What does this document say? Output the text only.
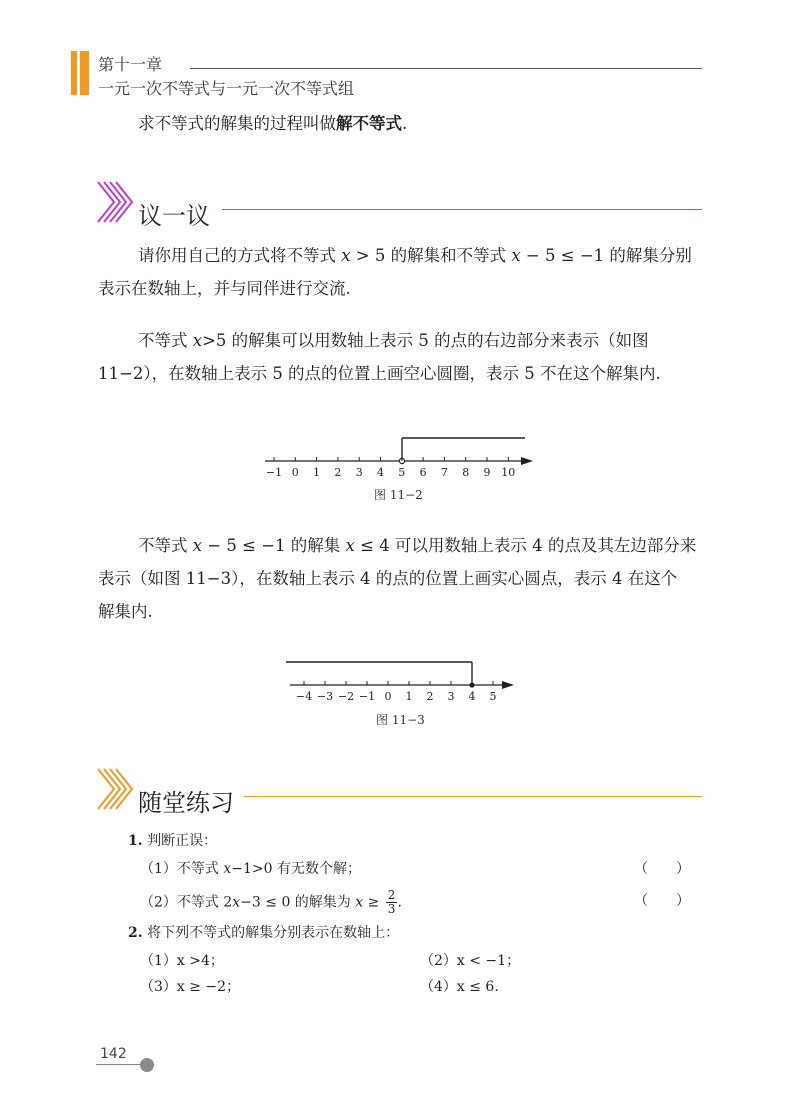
第十一章
一元一次不等式与一元一次不等式组
求不等式的解集的过程叫做解不等式.
议一议
请你用自己的方式将不等式 x > 5 的解集和不等式 x − 5 ≤ −1 的解集分别
表示在数轴上，并与同伴进行交流.
不等式 x>5 的解集可以用数轴上表示 5 的点的右边部分来表示（如图
11−2），在数轴上表示 5 的点的位置上画空心圆圈，表示 5 不在这个解集内.
−1 0 1 2 3 4 5 6 7 8 9 10
图 11−2
不等式 x − 5 ≤ −1 的解集 x ≤ 4 可以用数轴上表示 4 的点及其左边部分来
表示（如图 11−3），在数轴上表示 4 的点的位置上画实心圆点，表示 4 在这个
解集内.
−4 −3 −2 −1 0 1 2 3 4 5
图 11−3
随堂练习
1. 判断正误：
（1）不等式 x−1>0 有无数个解；	（　　）
（2）不等式 2x−3 ≤ 0 的解集为 $x \ge \frac{2}{3}$ .	（　　）
2. 将下列不等式的解集分别表示在数轴上：
（1）x >4；	（2）x < −1；
（3）x ≥ −2；	（4）x ≤ 6.
142
